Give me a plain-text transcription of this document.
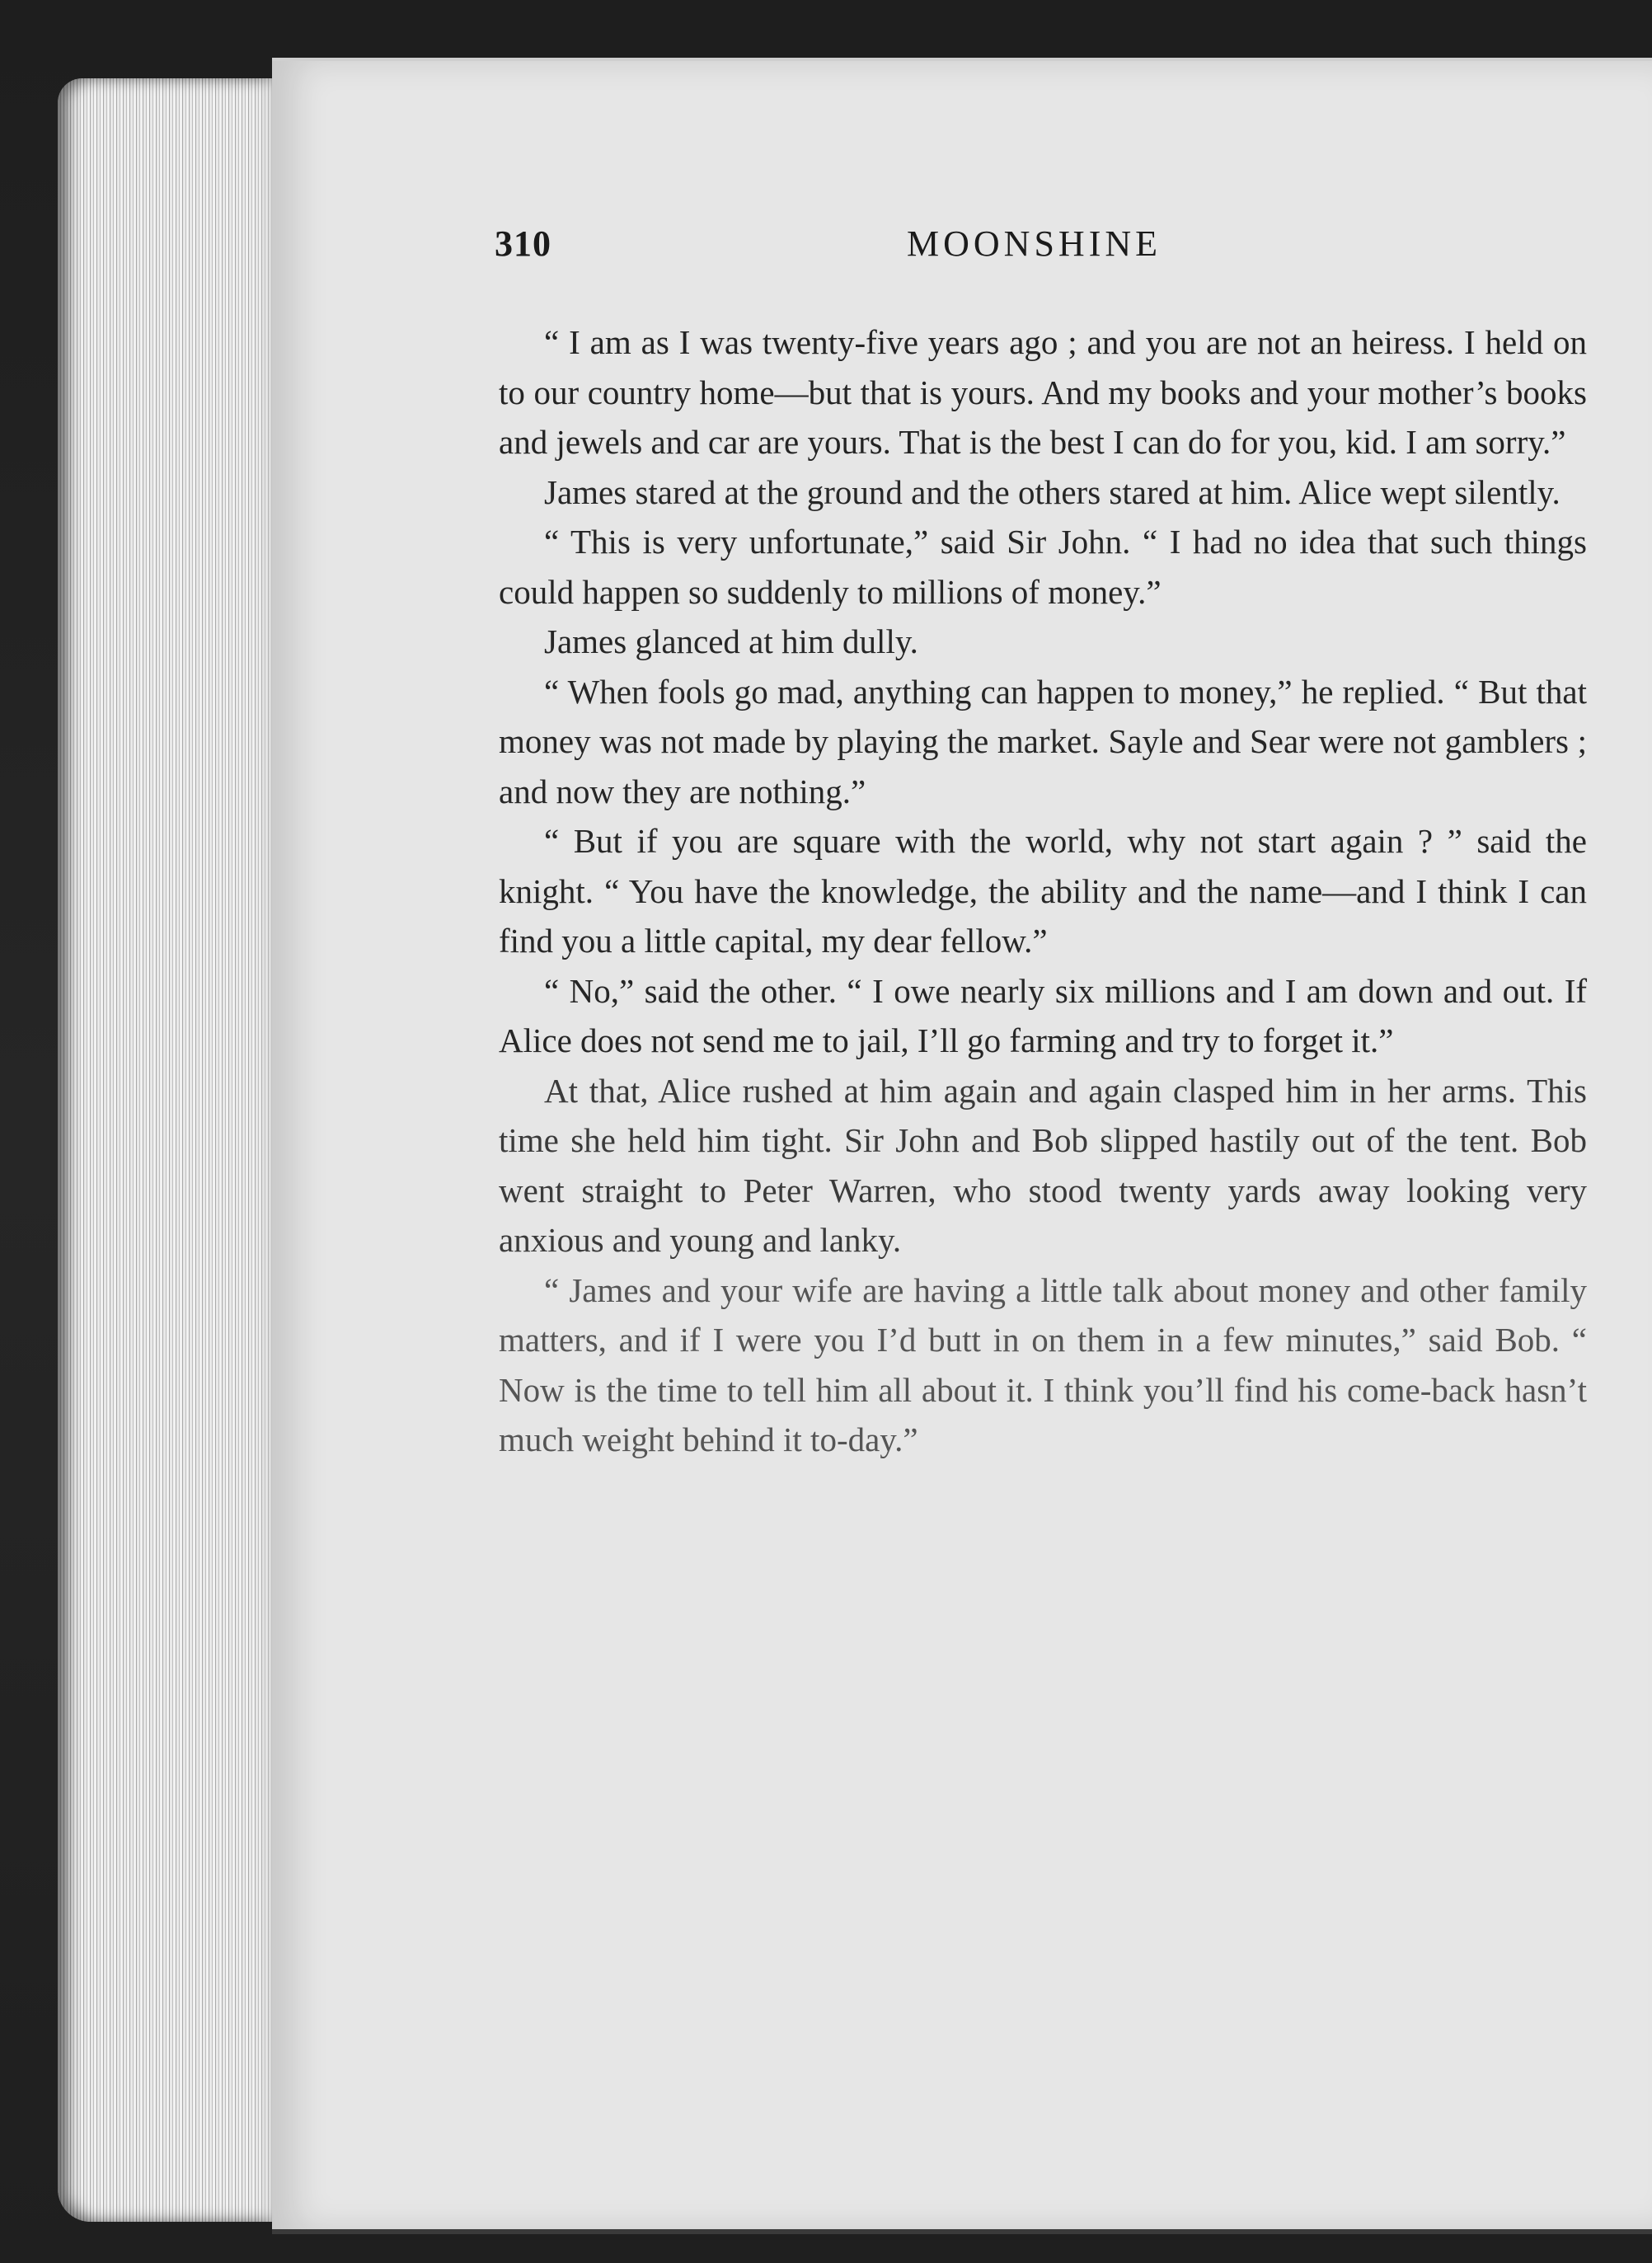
310	MOONSHINE

“ I am as I was twenty-five years ago ; and you are not an heiress. I held on to our country home—but that is yours. And my books and your mother’s books and jewels and car are yours. That is the best I can do for you, kid. I am sorry.”

James stared at the ground and the others stared at him. Alice wept silently.

“ This is very unfortunate,” said Sir John. “ I had no idea that such things could happen so suddenly to millions of money.”

James glanced at him dully.

“ When fools go mad, anything can happen to money,” he replied. “ But that money was not made by playing the market. Sayle and Sear were not gamblers ; and now they are nothing.”

“ But if you are square with the world, why not start again ? ” said the knight. “ You have the knowledge, the ability and the name—and I think I can find you a little capital, my dear fellow.”

“ No,” said the other. “ I owe nearly six millions and I am down and out. If Alice does not send me to jail, I’ll go farming and try to forget it.”

At that, Alice rushed at him again and again clasped him in her arms. This time she held him tight. Sir John and Bob slipped hastily out of the tent. Bob went straight to Peter Warren, who stood twenty yards away looking very anxious and young and lanky.

“ James and your wife are having a little talk about money and other family matters, and if I were you I’d butt in on them in a few minutes,” said Bob. “ Now is the time to tell him all about it. I think you’ll find his come-back hasn’t much weight behind it to-day.”
